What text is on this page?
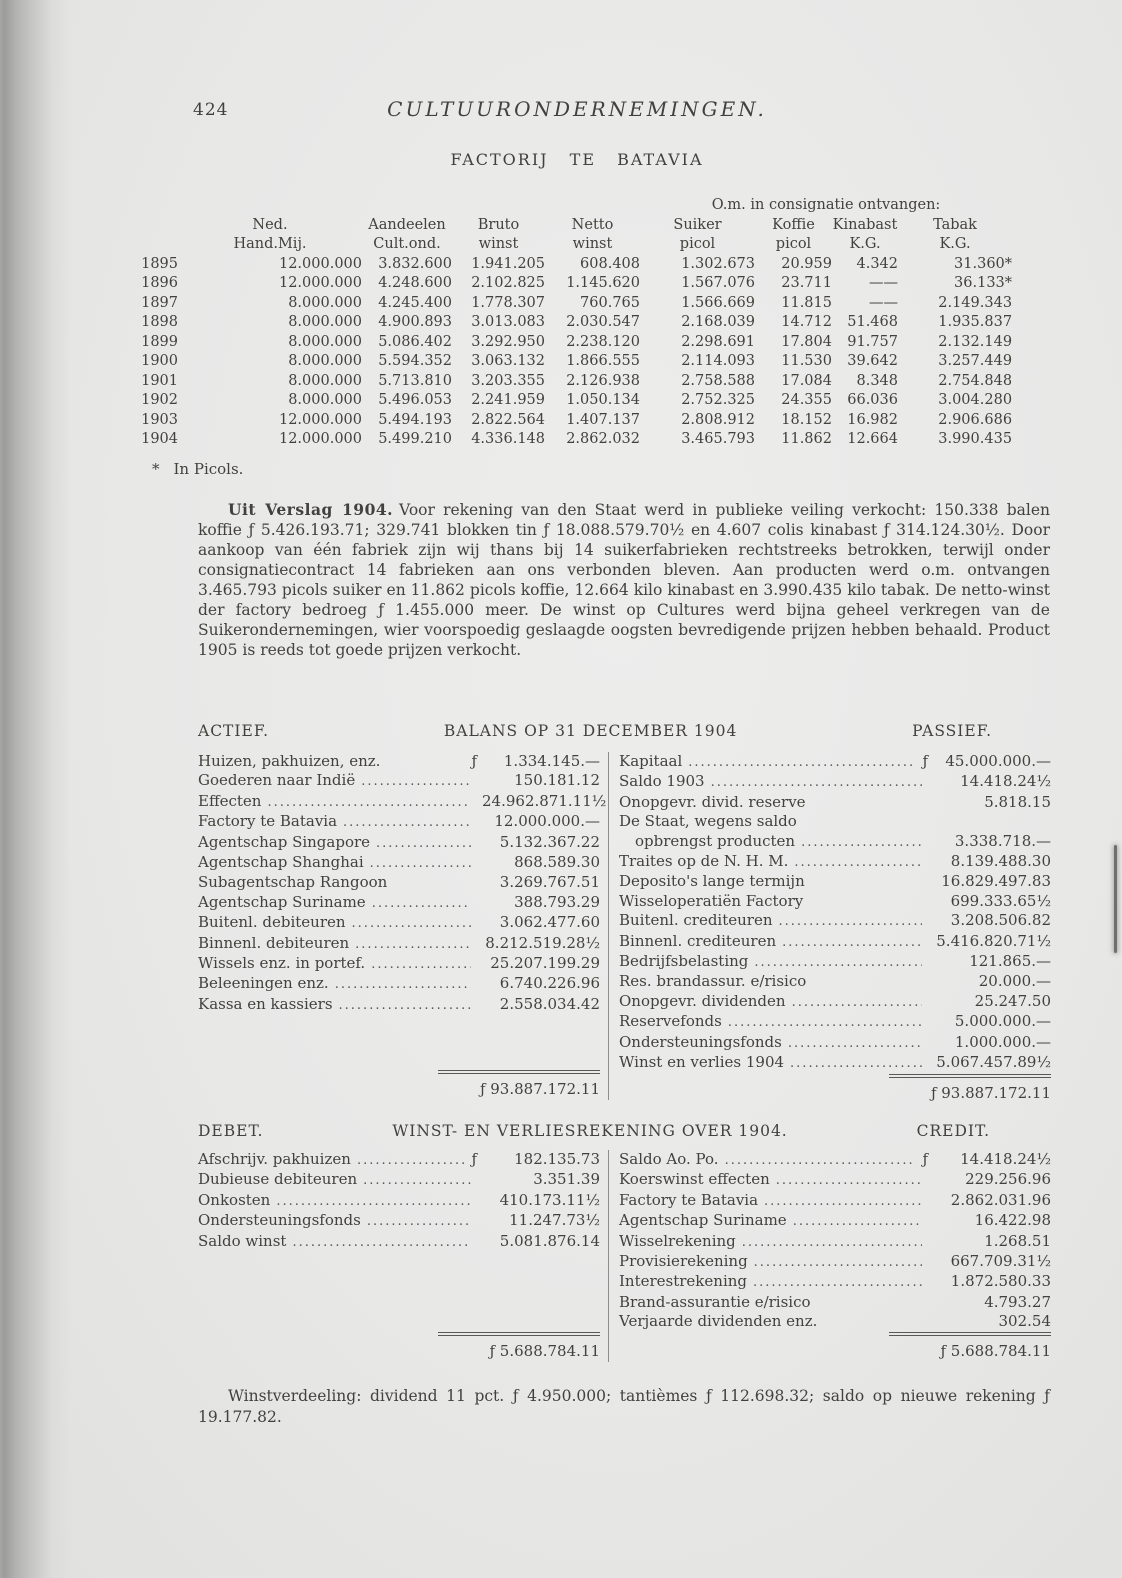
424	CULTUURONDERNEMINGEN.
FACTORIJ TE BATAVIA
					O.m. in consignatie ontvangen:			
	Ned.	Aandeelen	Bruto	Netto	Suiker	Koffie	Kinabast	Tabak
	Hand.Mij.	Cult.ond.	winst	winst	picol	picol	K.G.	K.G.
1895	12.000.000	3.832.600	1.941.205	608.408	1.302.673	20.959	4.342	31.360*
1896	12.000.000	4.248.600	2.102.825	1.145.620	1.567.076	23.711	——	36.133*
1897	8.000.000	4.245.400	1.778.307	760.765	1.566.669	11.815	——	2.149.343
1898	8.000.000	4.900.893	3.013.083	2.030.547	2.168.039	14.712	51.468	1.935.837
1899	8.000.000	5.086.402	3.292.950	2.238.120	2.298.691	17.804	91.757	2.132.149
1900	8.000.000	5.594.352	3.063.132	1.866.555	2.114.093	11.530	39.642	3.257.449
1901	8.000.000	5.713.810	3.203.355	2.126.938	2.758.588	17.084	8.348	2.754.848
1902	8.000.000	5.496.053	2.241.959	1.050.134	2.752.325	24.355	66.036	3.004.280
1903	12.000.000	5.494.193	2.822.564	1.407.137	2.808.912	18.152	16.982	2.906.686
1904	12.000.000	5.499.210	4.336.148	2.862.032	3.465.793	11.862	12.664	3.990.435
* In Picols.
Uit Verslag 1904. Voor rekening van den Staat werd in publieke veiling verkocht: 150.338 balen koffie ƒ 5.426.193.71; 329.741 blokken tin ƒ 18.088.579.70½ en 4.607 colis kinabast ƒ 314.124.30½. Door aankoop van één fabriek zijn wij thans bij 14 suikerfabrieken rechtstreeks betrokken, terwijl onder consignatiecontract 14 fabrieken aan ons verbonden bleven. Aan producten werd o.m. ontvangen 3.465.793 picols suiker en 11.862 picols koffie, 12.664 kilo kinabast en 3.990.435 kilo tabak. De netto-winst der factory bedroeg ƒ 1.455.000 meer. De winst op Cultures werd bijna geheel verkregen van de Suikerondernemingen, wier voorspoedig geslaagde oogsten bevredigende prijzen hebben behaald. Product 1905 is reeds tot goede prijzen verkocht.
ACTIEF.	BALANS OP 31 DECEMBER 1904	PASSIEF.
Huizen, pakhuizen, enz.	ƒ	1.334.145.—
Goederen naar Indië .....	150.181.12
Effecten .....	24.962.871.11½
Factory te Batavia .....	12.000.000.—
Agentschap Singapore .....	5.132.367.22
Agentschap Shanghai .....	868.589.30
Subagentschap Rangoon	3.269.767.51
Agentschap Suriname .....	388.793.29
Buitenl. debiteuren .....	3.062.477.60
Binnenl. debiteuren .....	8.212.519.28½
Wissels enz. in portef. .....	25.207.199.29
Beleeningen enz. .....	6.740.226.96
Kassa en kassiers .....	2.558.034.42
ƒ 93.887.172.11
Kapitaal .....	ƒ	45.000.000.—
Saldo 1903 .....	14.418.24½
Onopgevr. divid. reserve	5.818.15
De Staat, wegens saldo
opbrengst producten .....	3.338.718.—
Traites op de N. H. M. .....	8.139.488.30
Deposito's lange termijn	16.829.497.83
Wisseloperatiën Factory	699.333.65½
Buitenl. crediteuren .....	3.208.506.82
Binnenl. crediteuren .....	5.416.820.71½
Bedrijfsbelasting .....	121.865.—
Res. brandassur. e/risico	20.000.—
Onopgevr. dividenden .....	25.247.50
Reservefonds .....	5.000.000.—
Ondersteuningsfonds .....	1.000.000.—
Winst en verlies 1904 .....	5.067.457.89½
ƒ 93.887.172.11
DEBET.	WINST- EN VERLIESREKENING OVER 1904.	CREDIT.
Afschrijv. pakhuizen .....	ƒ	182.135.73
Dubieuse debiteuren .....	3.351.39
Onkosten .....	410.173.11½
Ondersteuningsfonds .....	11.247.73½
Saldo winst .....	5.081.876.14
ƒ 5.688.784.11
Saldo Ao. Po. .....	ƒ	14.418.24½
Koerswinst effecten .....	229.256.96
Factory te Batavia .....	2.862.031.96
Agentschap Suriname .....	16.422.98
Wisselrekening .....	1.268.51
Provisierekening .....	667.709.31½
Interestrekening .....	1.872.580.33
Brand-assurantie e/risico	4.793.27
Verjaarde dividenden enz.	302.54
ƒ 5.688.784.11
Winstverdeeling: dividend 11 pct. ƒ 4.950.000; tantièmes ƒ 112.698.32; saldo op nieuwe rekening ƒ 19.177.82.
